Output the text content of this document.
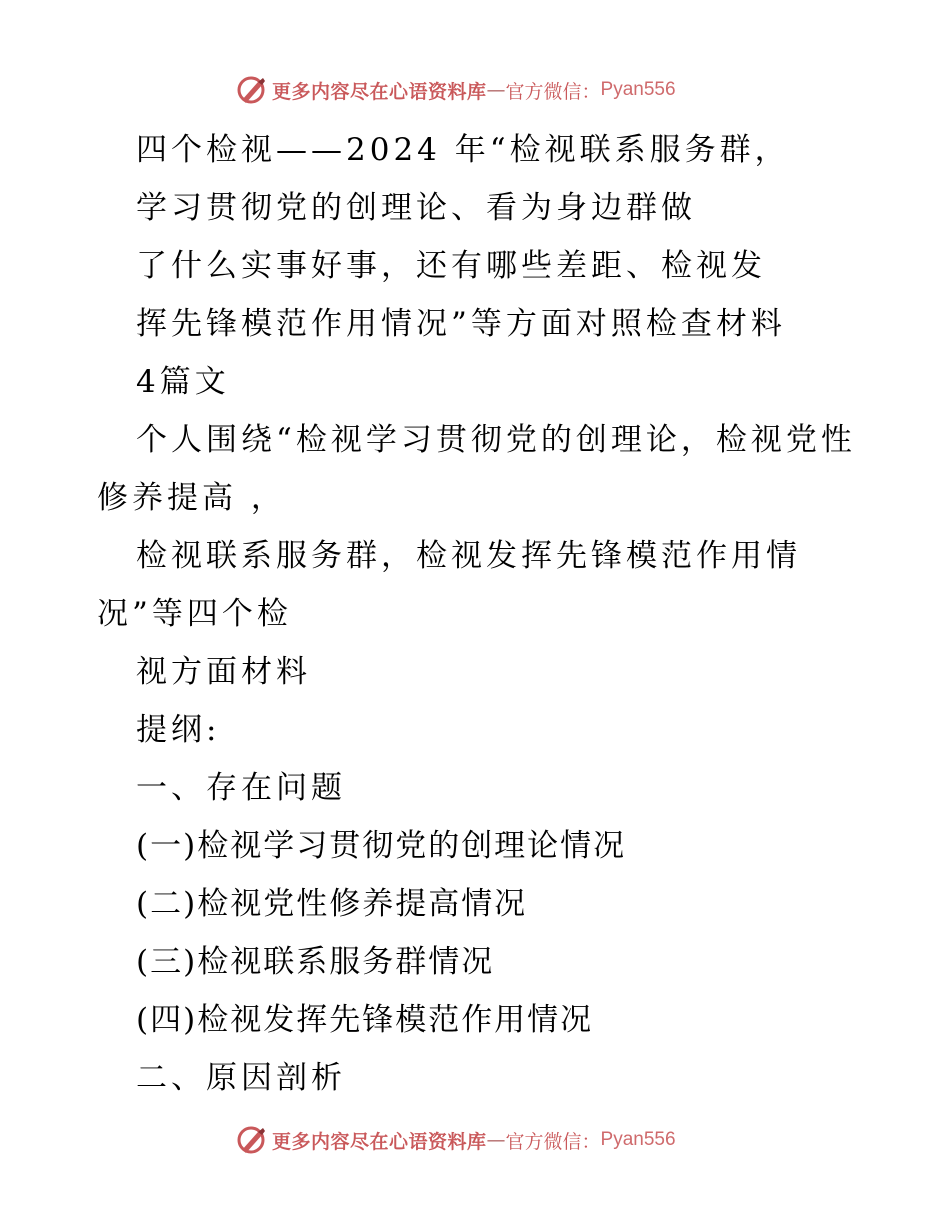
更多内容尽在心语资料库 — 官方微信： Pyan556
四个检视——2024 年“检视联系服务群，
学习贯彻党的创理论、看为身边群做
了什么实事好事，还有哪些差距、检视发
挥先锋模范作用情况”等方面对照检查材料
4篇文
个人围绕“检视学习贯彻党的创理论，检视党性
修养提高 ，
检视联系服务群，检视发挥先锋模范作用情
况”等四个检
视方面材料
提纲:
一、存在问题
(一)检视学习贯彻党的创理论情况
(二)检视党性修养提高情况
(三)检视联系服务群情况
(四)检视发挥先锋模范作用情况
二、原因剖析
更多内容尽在心语资料库 — 官方微信： Pyan556
